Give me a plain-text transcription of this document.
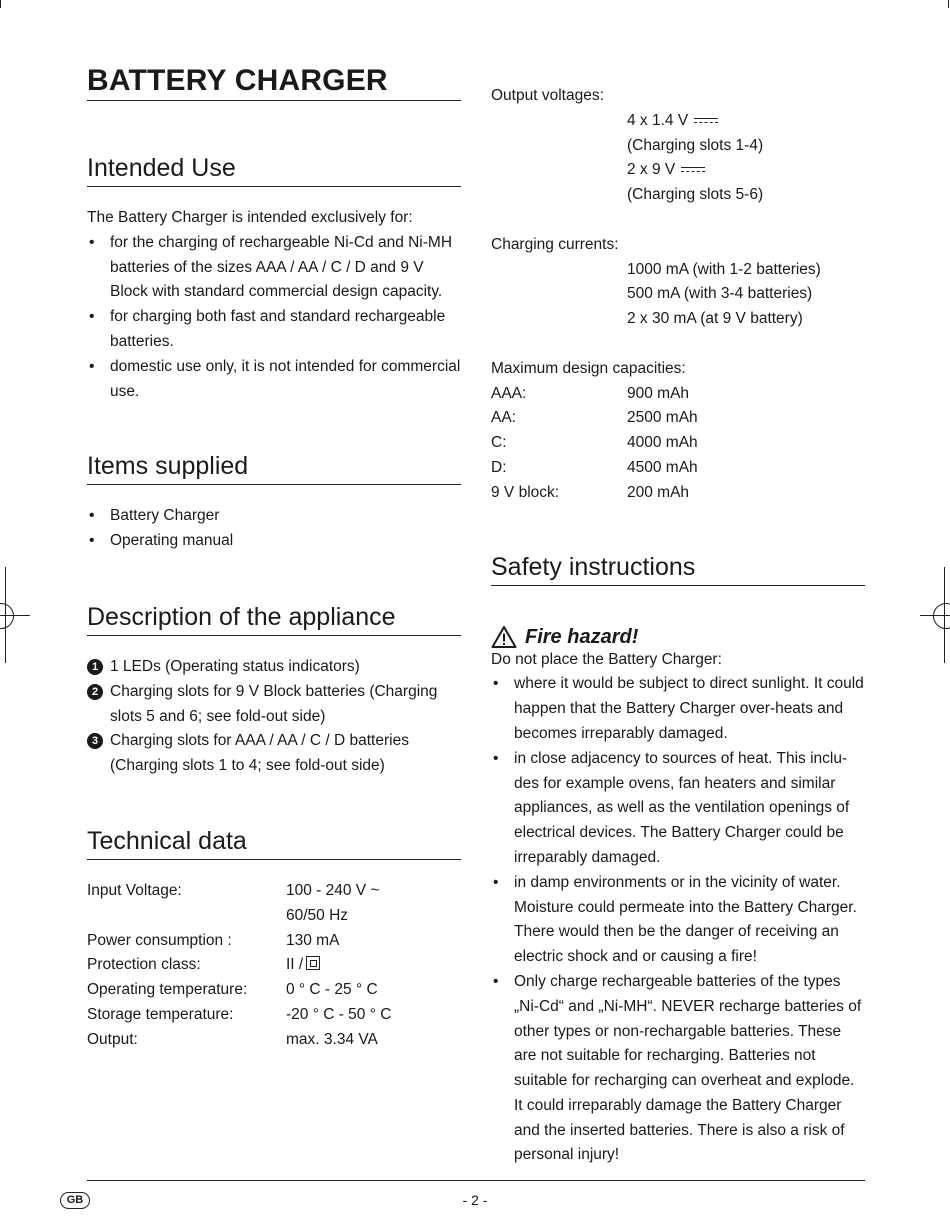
BATTERY CHARGER
Intended Use

The Battery Charger is intended exclusively for:

• for the charging of rechargeable Ni-Cd and Ni-MH batteries of the sizes AAA / AA / C / D and 9 V Block with standard commercial design capacity.
• for charging both fast and standard rechargeable batteries.
• domestic use only, it is not intended for commercial use.
Items supplied
• Battery Charger
• Operating manual
Description of the appliance
1 1 LEDs (Operating status indicators)
2 Charging slots for 9 V Block batteries (Charging slots 5 and 6; see fold-out side)
3 Charging slots for AAA / AA / C / D batteries (Charging slots 1 to 4; see fold-out side)
Technical data
Input Voltage:	100 - 240 V ~
	60/50 Hz
Power consumption :	130 mA
Protection class:	II /
Operating temperature:	0 ° C - 25 ° C
Storage temperature:	-20 ° C - 50 ° C
Output:	max. 3.34 VA

Output voltages:

4 x 1.4 V

(Charging slots 1-4)

2 x 9 V

(Charging slots 5-6)

Charging currents:

1000 mA (with 1-2 batteries)

500 mA (with 3-4 batteries)

2 x 30 mA (at 9 V battery)

Maximum design capacities:

AAA:	900 mAh
AA:	2500 mAh
C:	4000 mAh
D:	4500 mAh
9 V block:	200 mAh
Safety instructions
Fire hazard!

Do not place the Battery Charger:

• where it would be subject to direct sunlight. It could happen that the Battery Charger over-heats and becomes irreparably damaged.
• in close adjacency to sources of heat. This inclu-des for example ovens, fan heaters and similar appliances, as well as the ventilation openings of electrical devices. The Battery Charger could be irreparably damaged.
• in damp environments or in the vicinity of water. Moisture could permeate into the Battery Charger. There would then be the danger of receiving an electric shock and or causing a fire!
• Only charge rechargeable batteries of the types „Ni-Cd“ and „Ni-MH“. NEVER recharge batteries of other types or non-rechargable batteries. These are not suitable for recharging. Batteries not suitable for recharging can overheat and explode. It could irreparably damage the Battery Charger and the inserted batteries. There is also a risk of personal injury!
GB	- 2 -
